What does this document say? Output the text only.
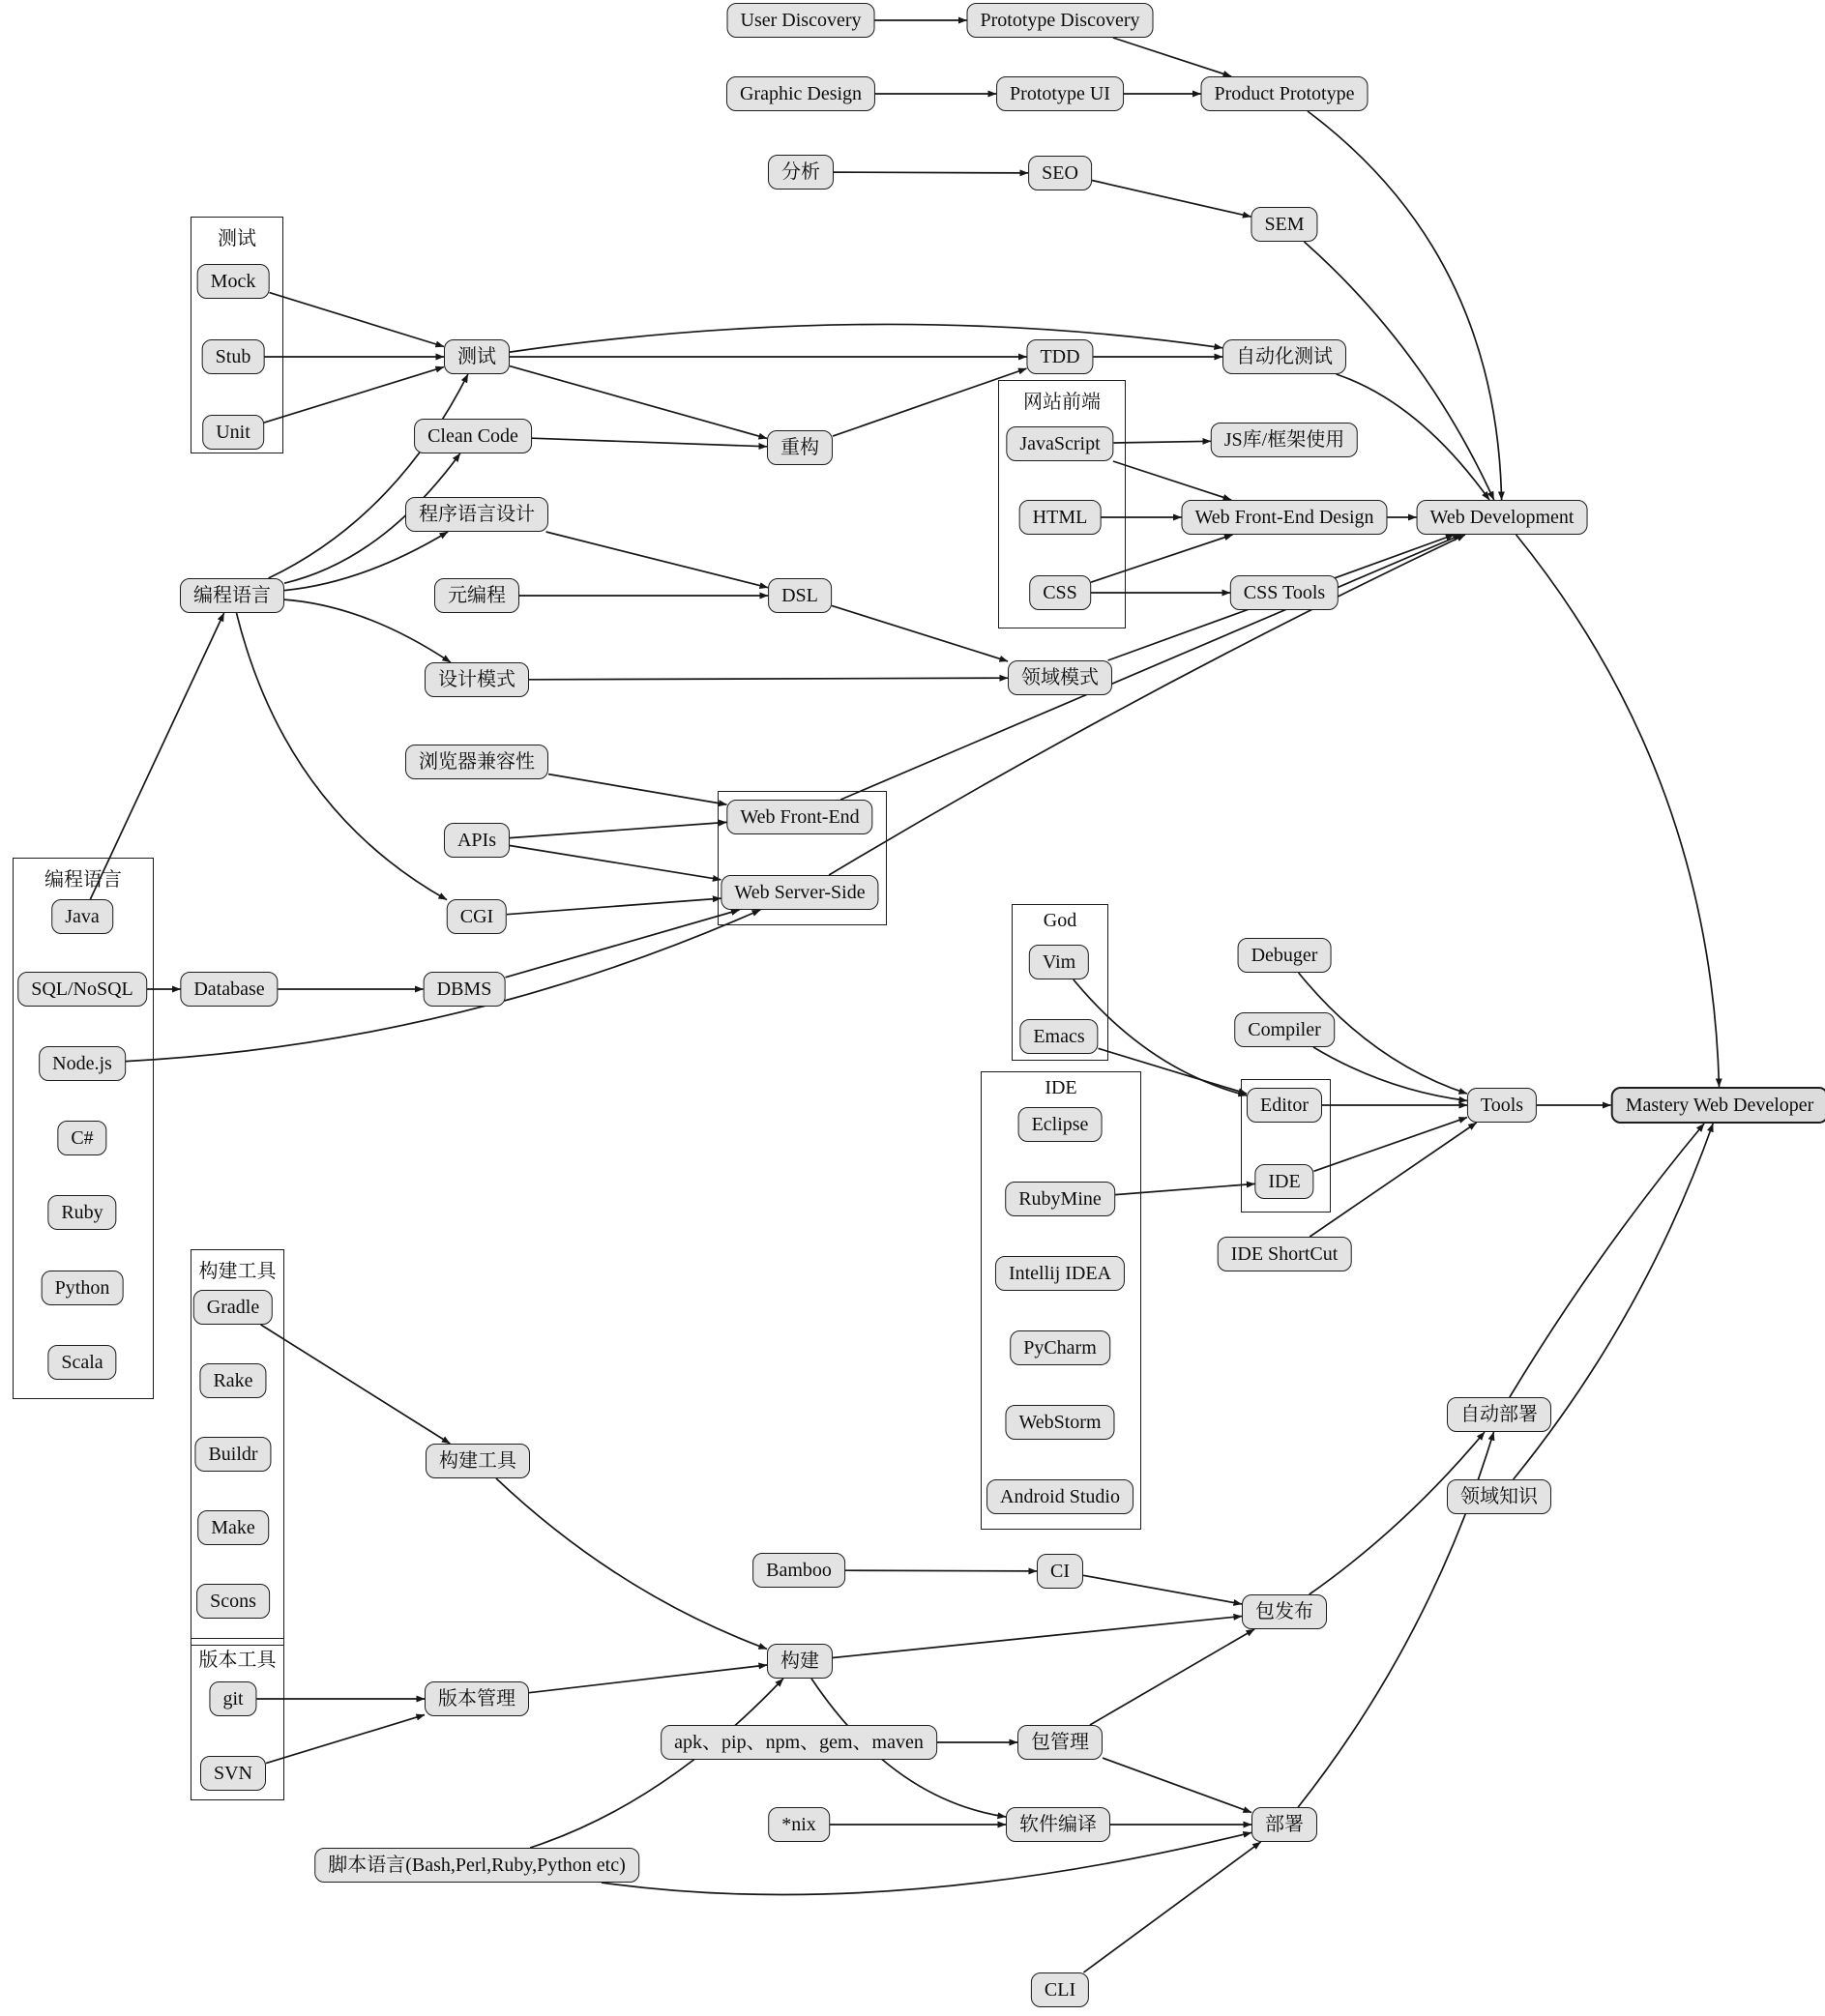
测试
网站前端
编程语言
God
IDE
构建工具
版本工具
User Discovery	Prototype Discovery
Graphic Design	Prototype UI	Product Prototype
分析	SEO
SEM
Mock
Stub
Unit
测试
Clean Code
程序语言设计
元编程	DSL
设计模式	领域模式
浏览器兼容性
APIs
CGI
编程语言
TDD	自动化测试
重构	JavaScript
HTML
CSS
JS库/框架使用
Web Front-End Design
CSS Tools
Web Development
Web Front-End
Web Server-Side
Java
SQL/NoSQL
Node.js
C#
Ruby
Python
Scala
Database	DBMS
Vim
Emacs
Eclipse
RubyMine
Intellij IDEA
PyCharm
WebStorm
Android Studio
Editor
IDE
Debuger
Compiler
Tools
IDE ShortCut
Mastery Web Developer
Gradle
Rake
Buildr
Make
Scons
构建工具
git
SVN
版本管理
Bamboo	CI
构建
包发布
apk、pip、npm、gem、maven	包管理
*nix	软件编译
脚本语言(Bash,Perl,Ruby,Python etc)
部署
CLI
自动部署
领域知识
